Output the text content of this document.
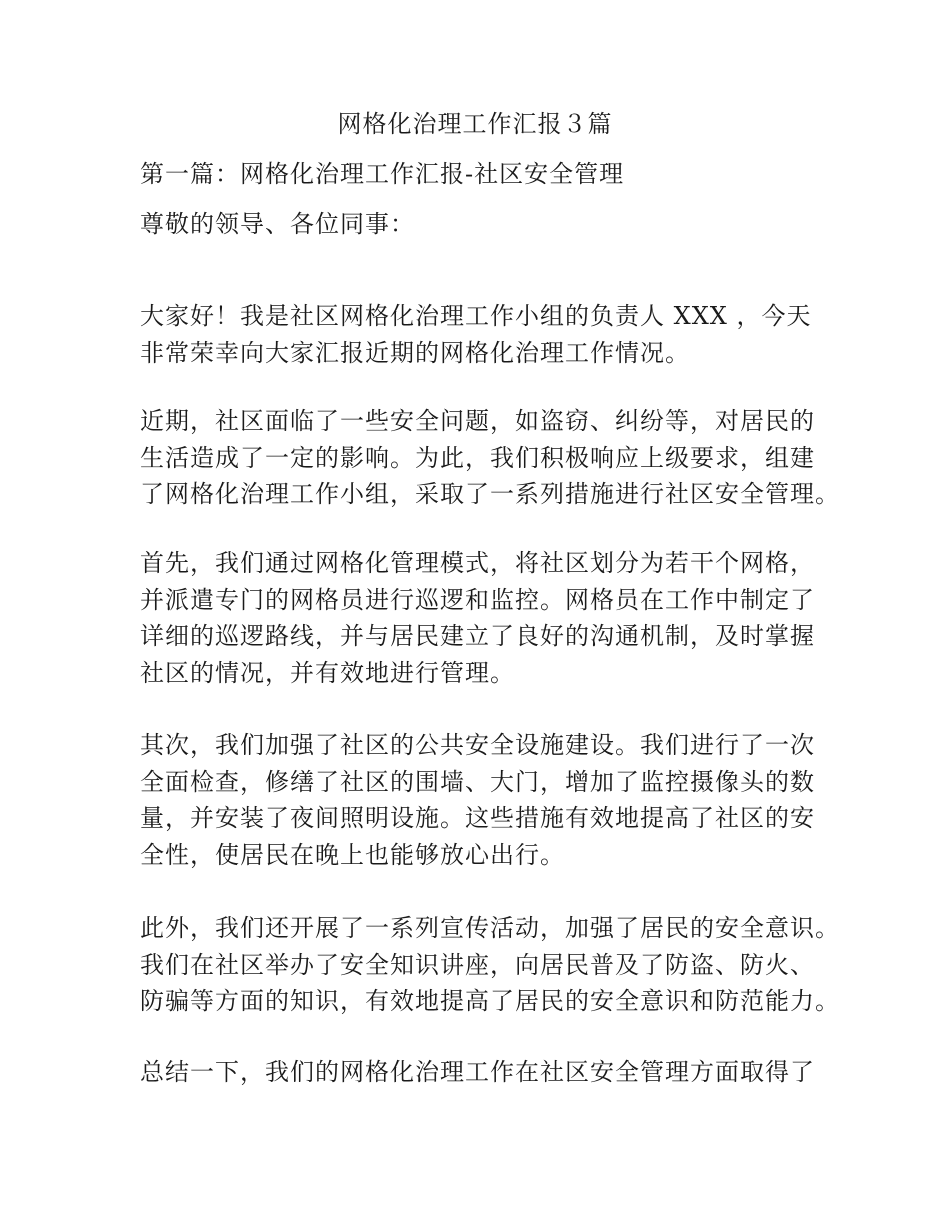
网格化治理工作汇报３篇
第一篇：网格化治理工作汇报-社区安全管理

尊敬的领导、各位同事：

大家好！我是社区网格化治理工作小组的负责人 XXX ，今天
非常荣幸向大家汇报近期的网格化治理工作情况。

近期，社区面临了一些安全问题，如盗窃、纠纷等，对居民的
生活造成了一定的影响。为此，我们积极响应上级要求，组建
了网格化治理工作小组，采取了一系列措施进行社区安全管理。

首先，我们通过网格化管理模式，将社区划分为若干个网格，
并派遣专门的网格员进行巡逻和监控。网格员在工作中制定了
详细的巡逻路线，并与居民建立了良好的沟通机制，及时掌握
社区的情况，并有效地进行管理。

其次，我们加强了社区的公共安全设施建设。我们进行了一次
全面检查，修缮了社区的围墙、大门，增加了监控摄像头的数
量，并安装了夜间照明设施。这些措施有效地提高了社区的安
全性，使居民在晚上也能够放心出行。

此外，我们还开展了一系列宣传活动，加强了居民的安全意识。
我们在社区举办了安全知识讲座，向居民普及了防盗、防火、
防骗等方面的知识，有效地提高了居民的安全意识和防范能力。

总结一下，我们的网格化治理工作在社区安全管理方面取得了
